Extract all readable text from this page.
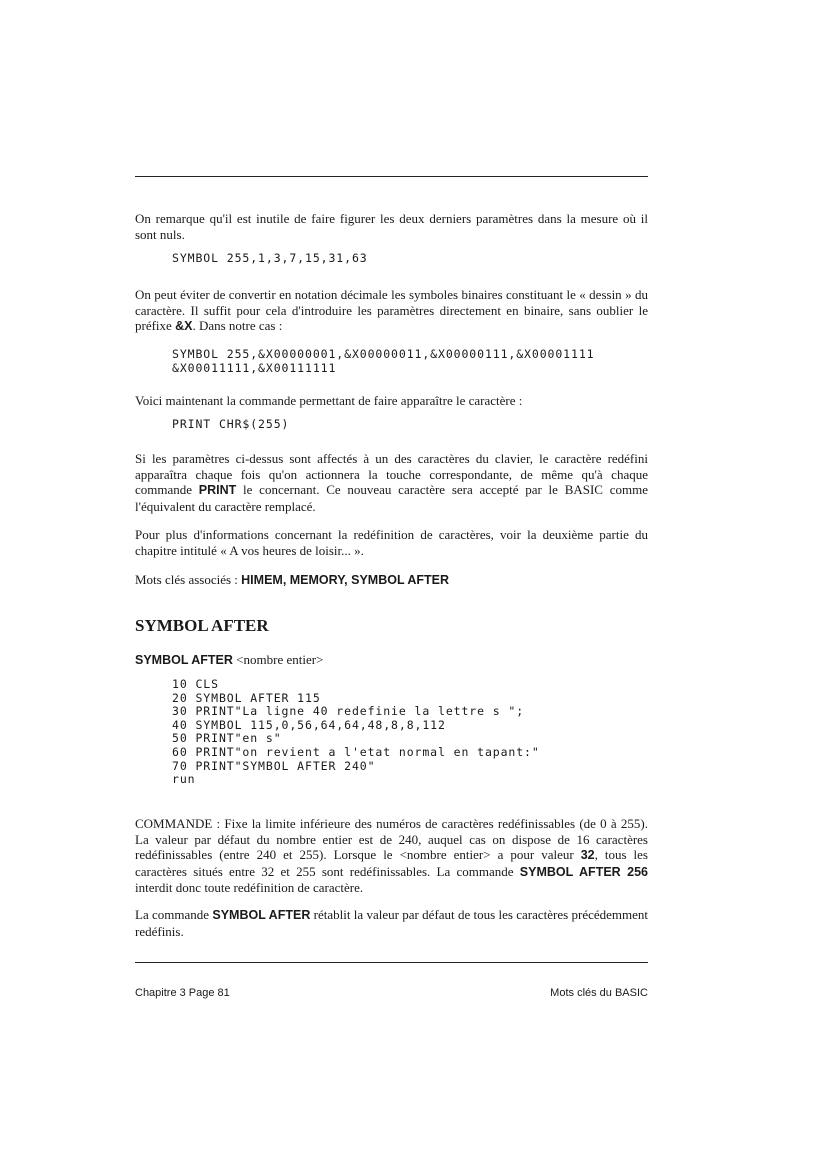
On remarque qu'il est inutile de faire figurer les deux derniers paramètres dans la mesure où il sont nuls.

SYMBOL 255,1,3,7,15,31,63

On peut éviter de convertir en notation décimale les symboles binaires constituant le « dessin » du caractère. Il suffit pour cela d'introduire les paramètres directement en binaire, sans oublier le préfixe &X. Dans notre cas :

SYMBOL 255,&X00000001,&X00000011,&X00000111,&X00001111
&X00011111,&X00111111

Voici maintenant la commande permettant de faire apparaître le caractère :

PRINT CHR$(255)

Si les paramètres ci-dessus sont affectés à un des caractères du clavier, le caractère redéfini apparaîtra chaque fois qu'on actionnera la touche correspondante, de même qu'à chaque commande PRINT le concernant. Ce nouveau caractère sera accepté par le BASIC comme l'équivalent du caractère remplacé.

Pour plus d'informations concernant la redéfinition de caractères, voir la deuxième partie du chapitre intitulé « A vos heures de loisir... ».

Mots clés associés : HIMEM, MEMORY, SYMBOL AFTER

SYMBOL AFTER

SYMBOL AFTER <nombre entier>

10 CLS
20 SYMBOL AFTER 115
30 PRINT"La ligne 40 redefinie la lettre s ";
40 SYMBOL 115,0,56,64,64,48,8,8,112
50 PRINT"en s"
60 PRINT"on revient a l'etat normal en tapant:"
70 PRINT"SYMBOL AFTER 240"
run

COMMANDE : Fixe la limite inférieure des numéros de caractères redéfinissables (de 0 à 255). La valeur par défaut du nombre entier est de 240, auquel cas on dispose de 16 caractères redéfinissables (entre 240 et 255). Lorsque le <nombre entier> a pour valeur 32, tous les caractères situés entre 32 et 255 sont redéfinissables. La commande SYMBOL AFTER 256 interdit donc toute redéfinition de caractère.

La commande SYMBOL AFTER rétablit la valeur par défaut de tous les caractères précédemment redéfinis.

Chapitre 3 Page 81	Mots clés du BASIC
